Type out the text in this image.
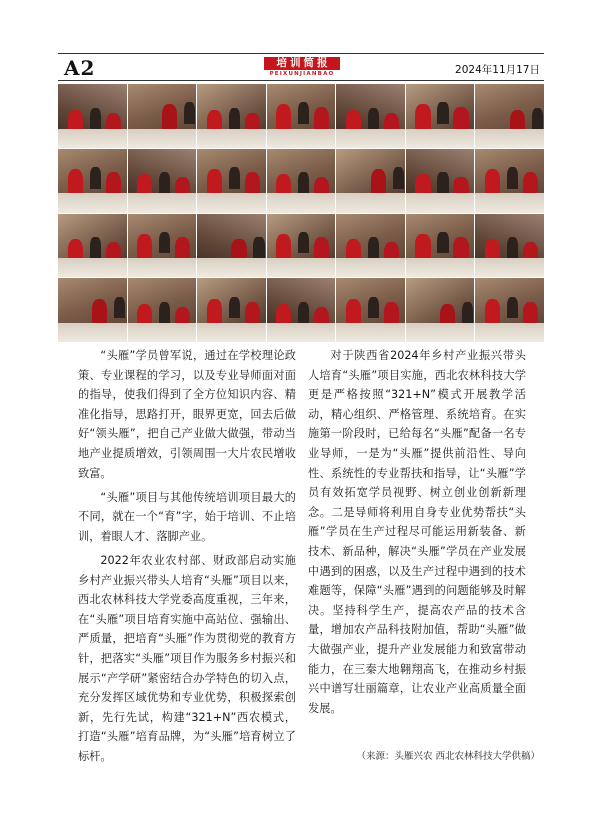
A2	培训简报
PEIXUNJIANBAO	2024年11月17日

“头雁”学员曾军说，通过在学校理论政策、专业课程的学习，以及专业导师面对面的指导，使我们得到了全方位知识内容、精准化指导，思路打开，眼界更宽，回去后做好“领头雁”，把自己产业做大做强，带动当地产业提质增效，引领周围一大片农民增收致富。

“头雁”项目与其他传统培训项目最大的不同，就在一个“育”字，始于培训、不止培训，着眼人才、落脚产业。

2022年农业农村部、财政部启动实施乡村产业振兴带头人培育“头雁”项目以来，西北农林科技大学党委高度重视，三年来，在“头雁”项目培育实施中高站位、强输出、严质量，把培育“头雁”作为贯彻党的教育方针，把落实“头雁”项目作为服务乡村振兴和展示“产学研”紧密结合办学特色的切入点，充分发挥区域优势和专业优势，积极探索创新，先行先试，构建“321+N”西农模式，打造“头雁”培育品牌，为“头雁”培育树立了标杆。

对于陕西省2024年乡村产业振兴带头人培育“头雁”项目实施，西北农林科技大学更是严格按照“321+N”模式开展教学活动，精心组织、严格管理、系统培育。在实施第一阶段时，已给每名“头雁”配备一名专业导师，一是为“头雁”提供前沿性、导向性、系统性的专业帮扶和指导，让“头雁”学员有效拓宽学员视野、树立创业创新新理念。二是导师将利用自身专业优势帮扶“头雁”学员在生产过程尽可能运用新装备、新技术、新品种，解决“头雁”学员在产业发展中遇到的困惑，以及生产过程中遇到的技术难题等，保障“头雁”遇到的问题能够及时解决。坚持科学生产，提高农产品的技术含量，增加农产品科技附加值，帮助“头雁”做大做强产业，提升产业发展能力和致富带动能力，在三秦大地翱翔高飞，在推动乡村振兴中谱写壮丽篇章，让农业产业高质量全面发展。

（来源：头雁兴农 西北农林科技大学供稿）
